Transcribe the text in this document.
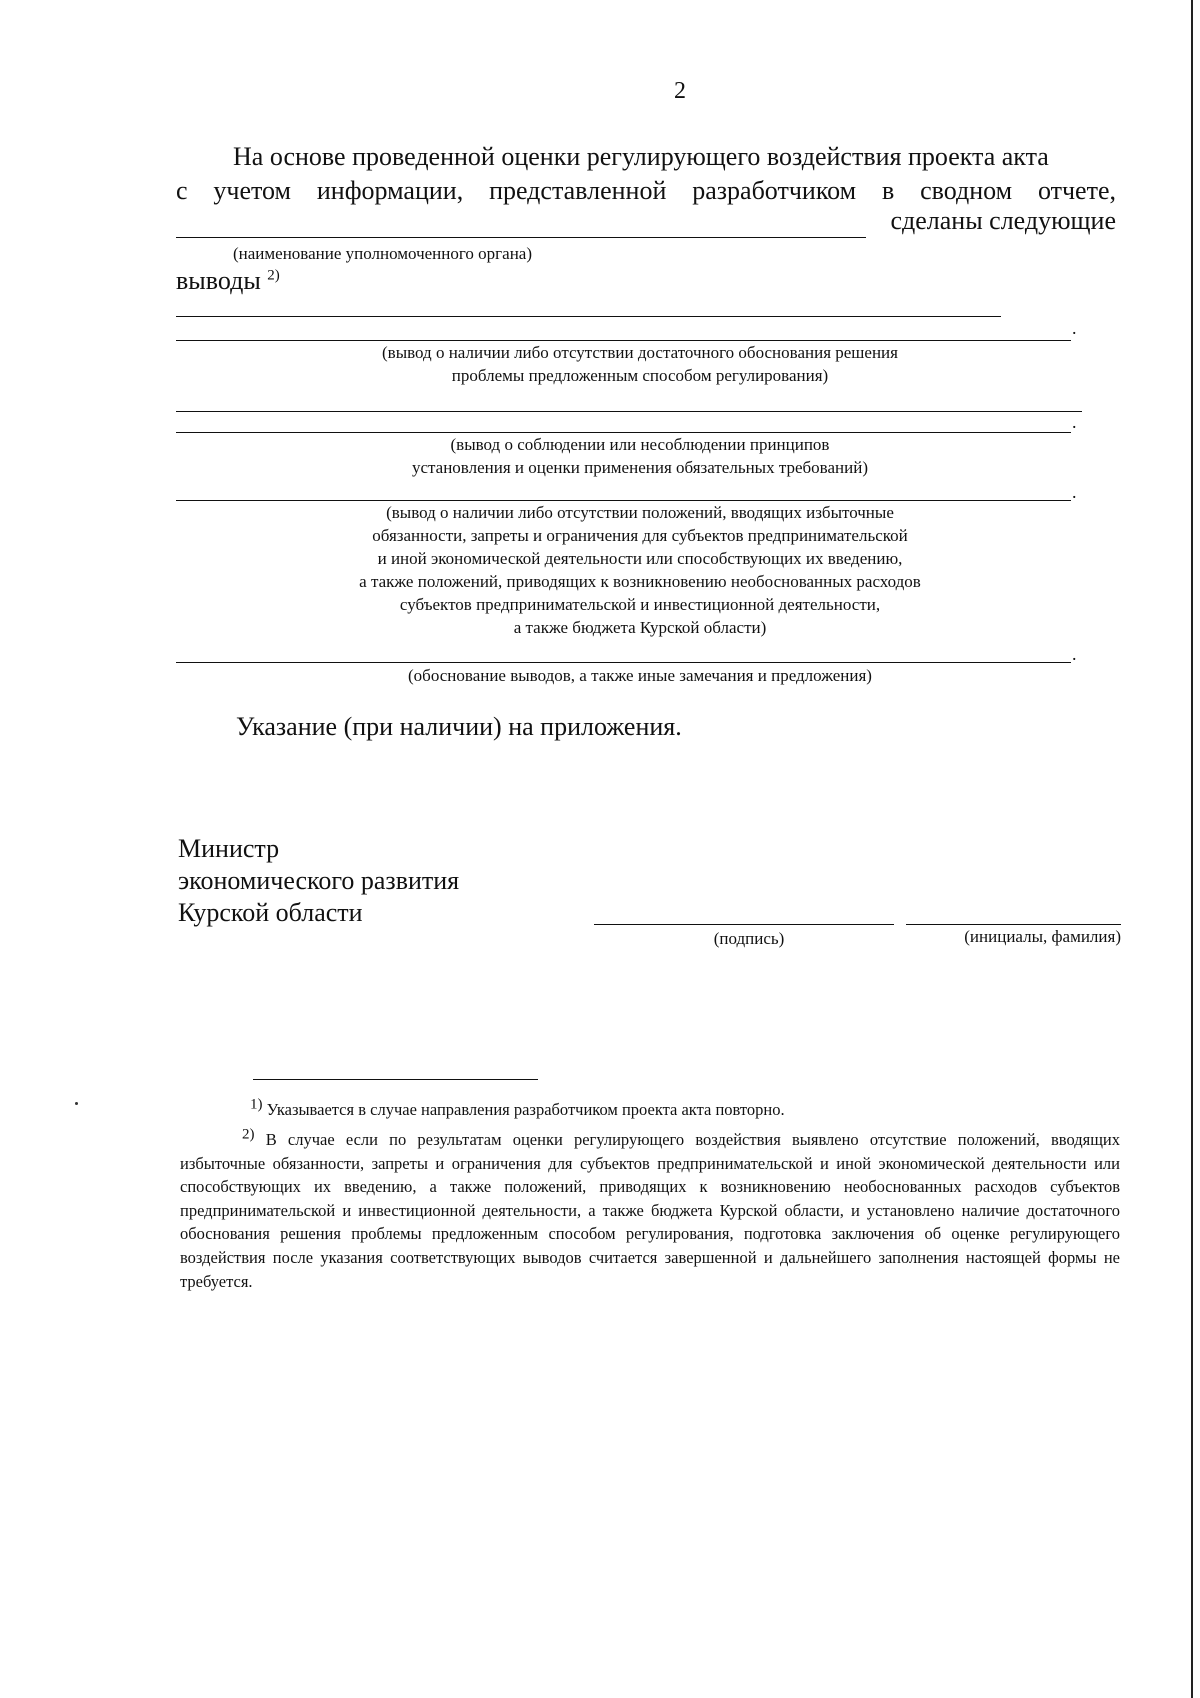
2
На основе проведенной оценки регулирующего воздействия проекта акта
с учетом информации, представленной разработчиком в сводном отчете,
сделаны следующие
(наименование уполномоченного органа)
выводы $^{2)}$
.
(вывод о наличии либо отсутствии достаточного обоснования решения
проблемы предложенным способом регулирования)
.
(вывод о соблюдении или несоблюдении принципов
установления и оценки применения обязательных требований)
.
(вывод о наличии либо отсутствии положений, вводящих избыточные
обязанности, запреты и ограничения для субъектов предпринимательской
и иной экономической деятельности или способствующих их введению,
а также положений, приводящих к возникновению необоснованных расходов
субъектов предпринимательской и инвестиционной деятельности,
а также бюджета Курской области)
.
(обоснование выводов, а также иные замечания и предложения)
Указание (при наличии) на приложения.
Министр
экономического развития
Курской области
(подпись)	(инициалы, фамилия)
1) Указывается в случае направления разработчиком проекта акта повторно.
2) В случае если по результатам оценки регулирующего воздействия выявлено отсутствие положений, вводящих избыточные обязанности, запреты и ограничения для субъектов предпринимательской и иной экономической деятельности или способствующих их введению, а также положений, приводящих к возникновению необоснованных расходов субъектов предпринимательской и инвестиционной деятельности, а также бюджета Курской области, и установлено наличие достаточного обоснования решения проблемы предложенным способом регулирования, подготовка заключения об оценке регулирующего воздействия после указания соответствующих выводов считается завершенной и дальнейшего заполнения настоящей формы не требуется.
